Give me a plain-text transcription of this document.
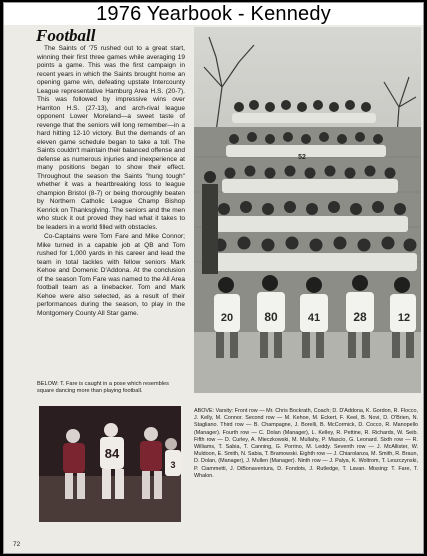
1976 Yearbook - Kennedy
Football

The Saints of '75 rushed out to a great start, winning their first three games while averaging 19 points a game. This was the first campaign in recent years in which the Saints brought home an opening game win, defeating upstate Intercounty League representative Hamburg Area H.S. (20-7). This was followed by impressive wins over Harriton H.S. (27-13), and arch-rival league opponent Lower Moreland—a sweet taste of revenge that the seniors will long remember—in a hard hitting 12-10 victory. But the demands of an eleven game schedule began to take a toll. The Saints couldn't maintain their balanced offense and defense as numerous injuries and inexperience at many positions began to show their effect. Throughout the season the Saints "hung tough" whether it was a heartbreaking loss to league champion Bristol (8-7) or being thoroughly beaten by Northern Catholic League Champ Bishop Kenrick on Thanksgiving. The seniors and the men who stuck it out proved they had what it takes to be leaders in a world filled with obstacles.

Co-Captains were Tom Fare and Mike Connor; Mike turned in a capable job at QB and Tom rushed for 1,000 yards in his career and lead the team in total tackles with fellow seniors Mark Kehoe and Domenic D'Addona. At the conclusion of the season Tom Fare was named to the All Area football team as a linebacker. Tom and Mark Kehoe were also selected, as a result of their performances during the season, to play in the Montgomery County All Star game.	20	80	41	28	12
52
84
3
BELOW: T. Fare is caught in a pose which resembles square dancing more than playing football.
ABOVE: Varsity: Front row — Mr. Chris Bockrath, Coach; D. D'Addona, K. Gordon, R. Flocco, J. Kelly, M. Connor. Second row — M. Kehoe, M. Eckert, F. Keel, B. Novi, D. O'Brien, N. Stagliano. Third row — B. Champagne, J. Borelli, B. McCormick, D. Cocco, R. Manopello (Manager). Fourth row — C. Dolan (Manager), L. Kelley, R. Pettine, R. Richards, W. Seib. Fifth row — D. Curley, A. Mieczkowski, M. Mullahy, P. Mascio, G. Leonard. Sixth row — R. Williams, T. Sabia, T. Canning, G. Porrino, M. Leddy. Seventh row — J. McAllister, W. Muldoon, E. Smith, N. Sabia, T. Bramowski. Eighth row — J. Chiarolanza, M. Smith, R. Braun, D. Dolan, (Manager), J. Mullen (Manager). Ninth row — J. Palya, K. Woltrom, T. Leszczynski, P. Ciammetti, J. DiBonaventura, D. Fondots, J. Rutledge, T. Lavan. Missing: T. Fare, T. Whalon.
72
